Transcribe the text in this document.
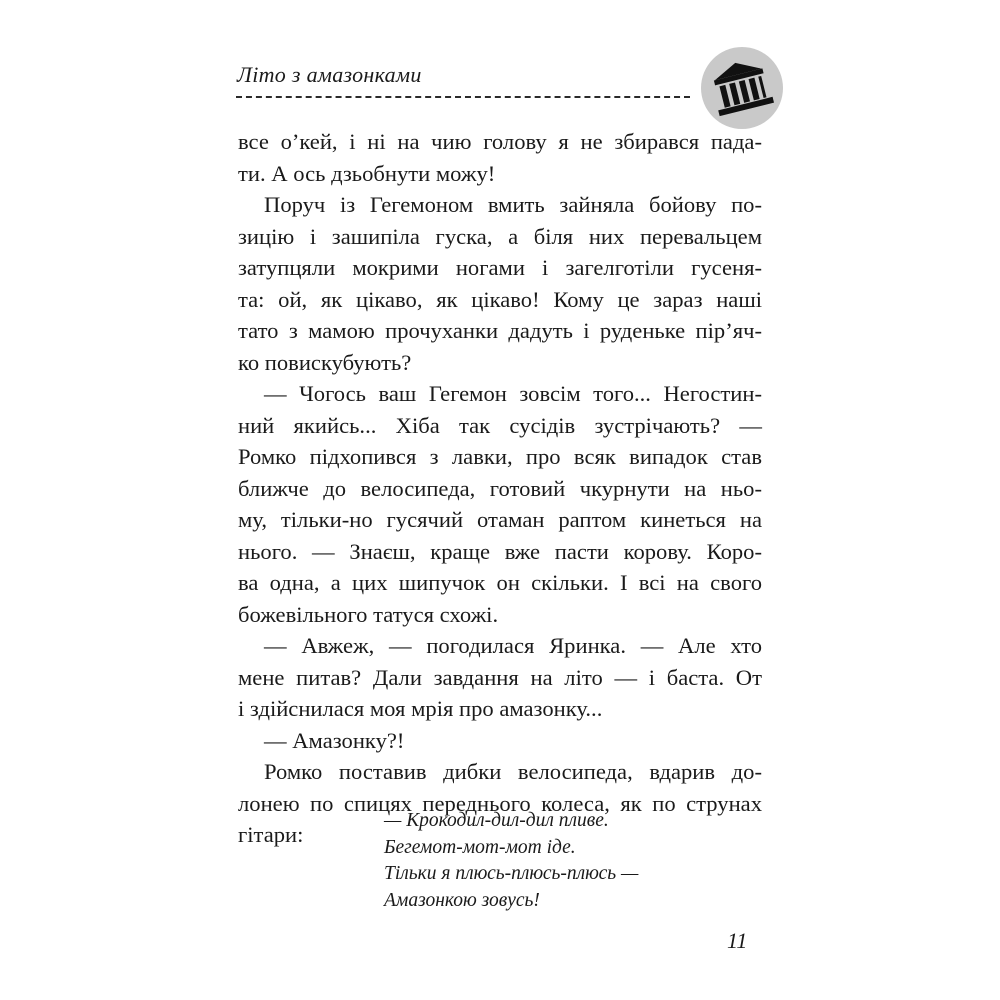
Літо з амазонками
все о’кей, і ні на чию голову я не збирався пада-
ти. А ось дзьобнути можу!
Поруч із Гегемоном вмить зайняла бойову по-
зицію і зашипіла гуска, а біля них перевальцем
затупцяли мокрими ногами і загелготіли гусеня-
та: ой, як цікаво, як цікаво! Кому це зараз наші
тато з мамою прочуханки дадуть і руденьке пір’яч-
ко повискубують?
— Чогось ваш Гегемон зовсім того... Негостин-
ний якийсь... Хіба так сусідів зустрічають? —
Ромко підхопився з лавки, про всяк випадок став
ближче до велосипеда, готовий чкурнути на ньо-
му, тільки-но гусячий отаман раптом кинеться на
нього. — Знаєш, краще вже пасти корову. Коро-
ва одна, а цих шипучок он скільки. І всі на свого
божевільного татуся схожі.
— Авжеж, — погодилася Яринка. — Але хто
мене питав? Дали завдання на літо — і баста. От
і здійснилася моя мрія про амазонку...
— Амазонку?!
Ромко поставив дибки велосипеда, вдарив до-
лонею по спицях переднього колеса, як по струнах
гітари:
— Крокодил-дил-дил пливе.
Бегемот-мот-мот іде.
Тільки я плюсь-плюсь-плюсь —
Амазонкою зовусь!
11
